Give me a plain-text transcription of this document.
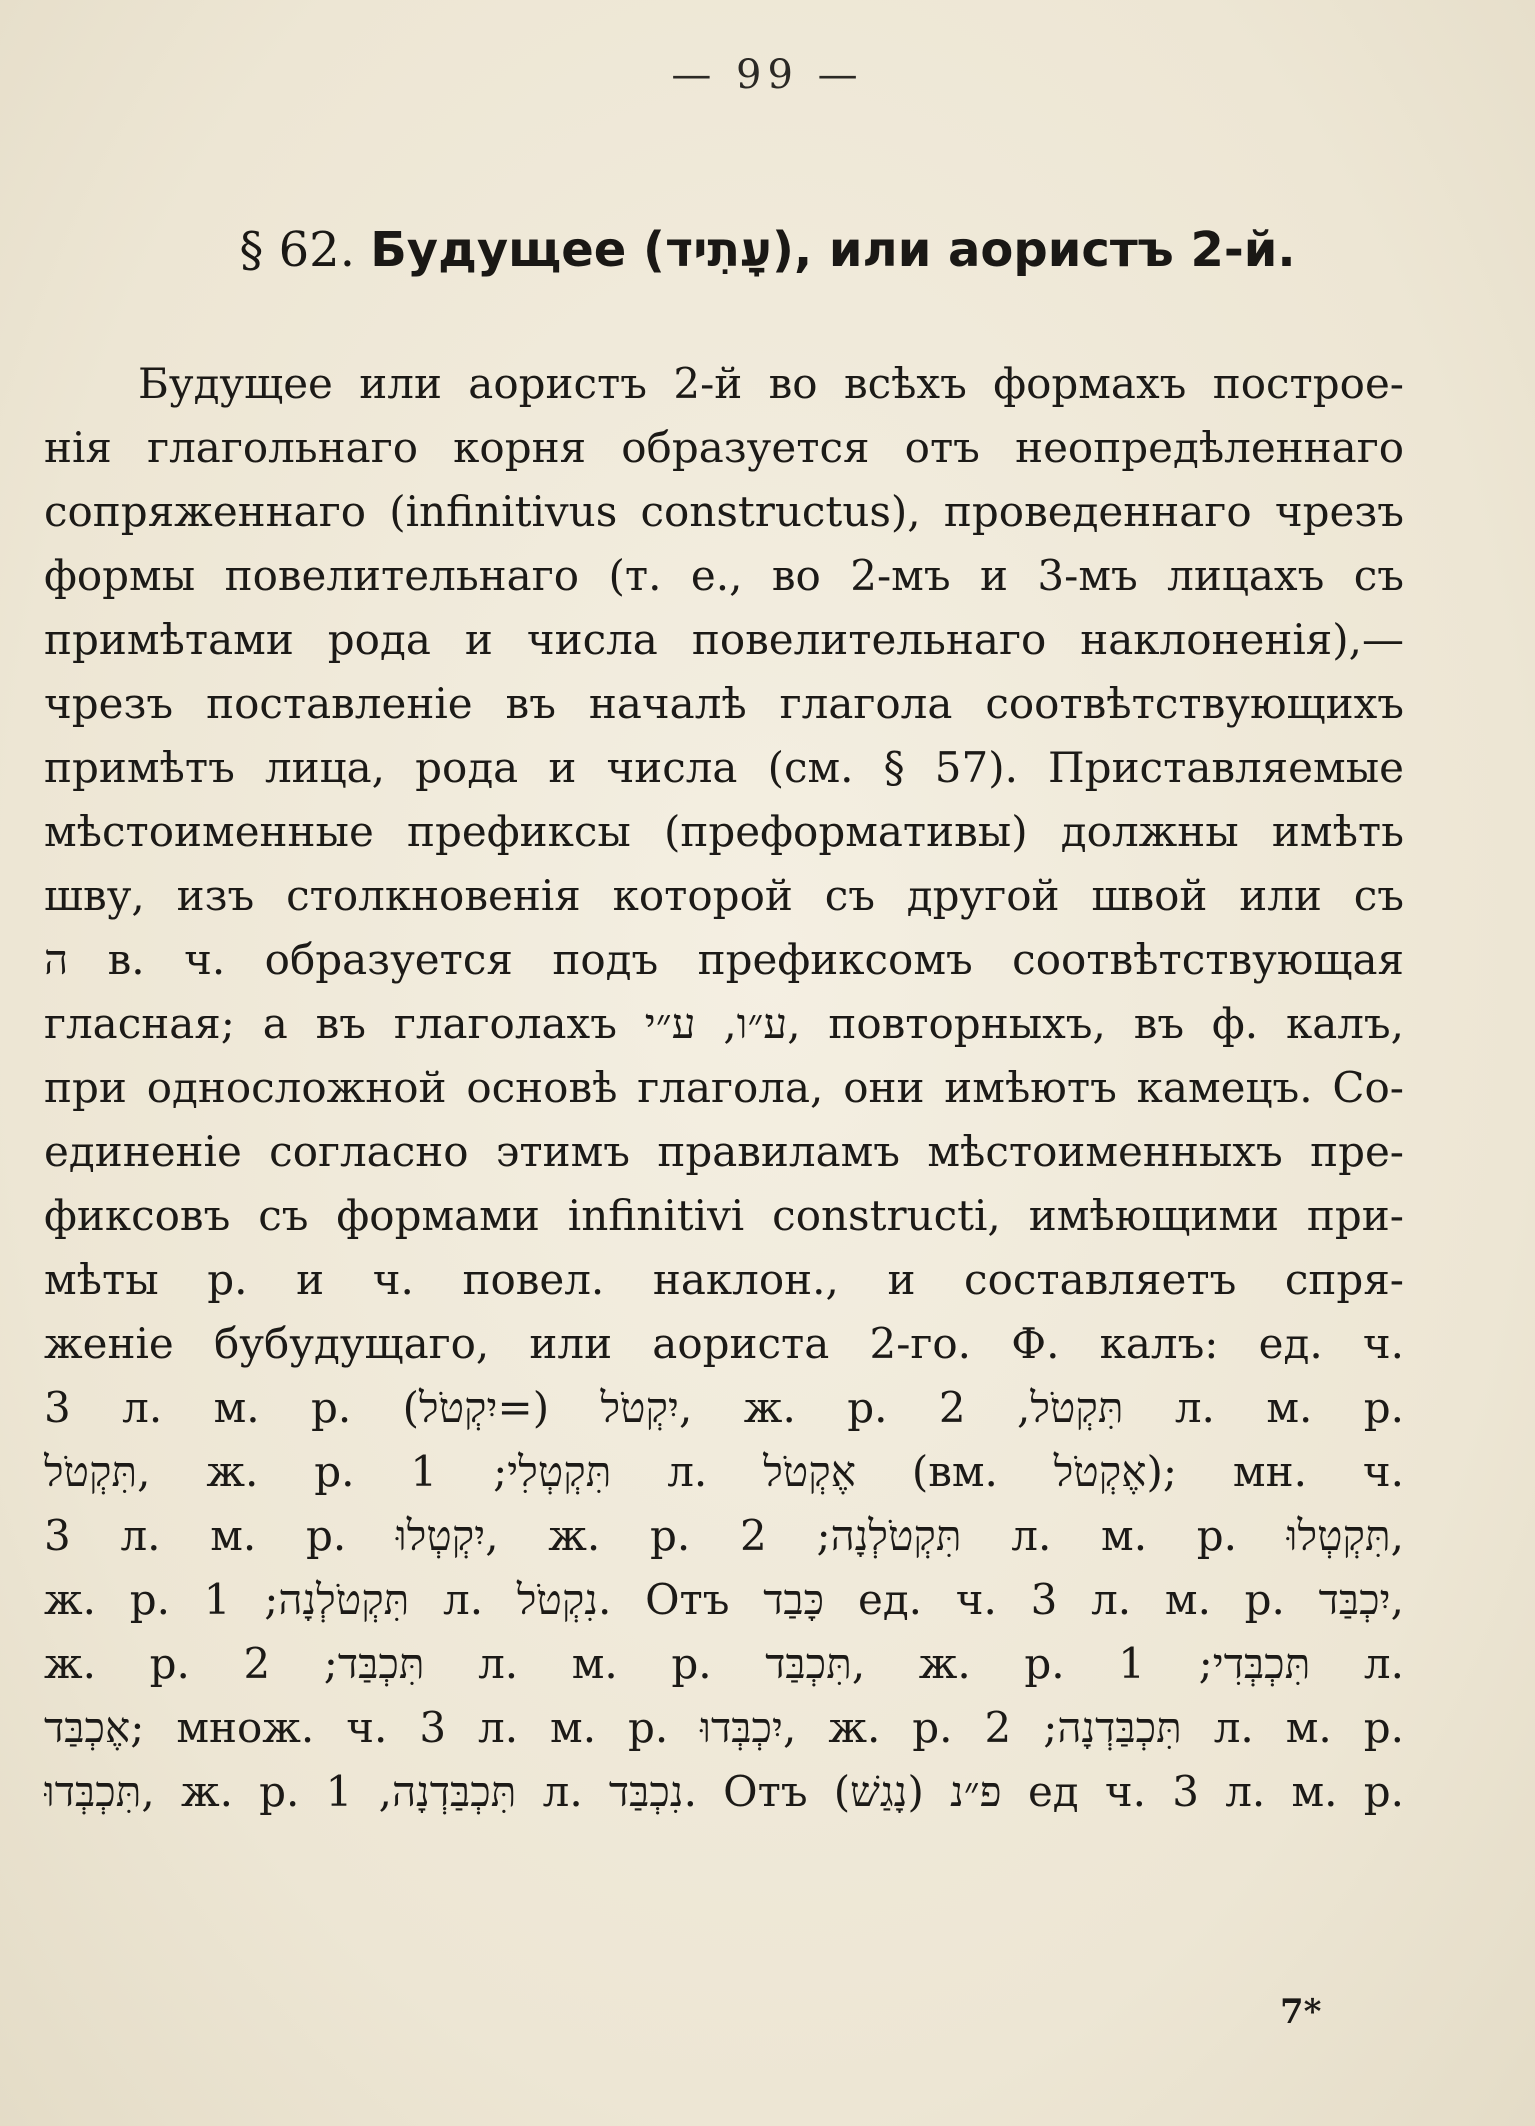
— 99 —
§ 62. Будущее (עָתִיד), или аористъ 2-й.
Будущее или аористъ 2-й во всѣхъ формахъ построе-
нія глагольнаго корня образуется отъ неопредѣленнаго
сопряженнаго (infinitivus constructus), проведеннаго чрезъ
формы повелительнаго (т. е., во 2-мъ и 3-мъ лицахъ съ
примѣтами рода и числа повелительнаго наклоненія),—
чрезъ поставленіе въ началѣ глагола соотвѣтствующихъ
примѣтъ лица, рода и числа (см. § 57). Приставляемые
мѣстоименные префиксы (преформативы) должны имѣть
шву, изъ столкновенія которой съ другой швой или съ
ה в. ч. образуется подъ префиксомъ соотвѣтствующая
гласная; а въ глаголахъ ע״ו, ע״י, повторныхъ, въ ф. калъ,
при односложной основѣ глагола, они имѣютъ камецъ. Со-
единеніе согласно этимъ правиламъ мѣстоименныхъ пре-
фиксовъ съ формами infinitivi constructi, имѣющими при-
мѣты р. и ч. повел. наклон., и составляетъ спря-
женіе бубудущаго, или аориста 2-го. Ф. калъ: ед. ч.
3 л. м. р. יִקְטֹל (=יִקְטֹל), ж. р. תִּקְטֹל, 2 л. м. р.
תִּקְטֹל, ж. р. תִּקְטְלִי; 1 л. אֶקְטֹל (вм. אֶקְטֹל); мн. ч.
3 л. м. р. יִקְטְלוּ, ж. р. תִּקְטֹלְנָה; 2 л. м. р. תִּקְטְלוּ,
ж. р. תִּקְטֹלְנָה; 1 л. נִקְטֹל. Отъ כָּבַד ед. ч. 3 л. м. р. יִכְבַּד,
ж. р. תִּכְבַּד; 2 л. м. р. תִּכְבַּד, ж. р. תִּכְבְּדִי; 1 л.
אֶכְבַּד; множ. ч. 3 л. м. р. יִכְבְּדוּ, ж. р. תִּכְבַּדְנָה; 2 л. м. р.
תִּכְבְּדוּ, ж. р. תִּכְבַּדְנָה, 1 л. נִכְבַּד. Отъ פ״נ (נָגַשׁ) ед ч. 3 л. м. р.
7*
